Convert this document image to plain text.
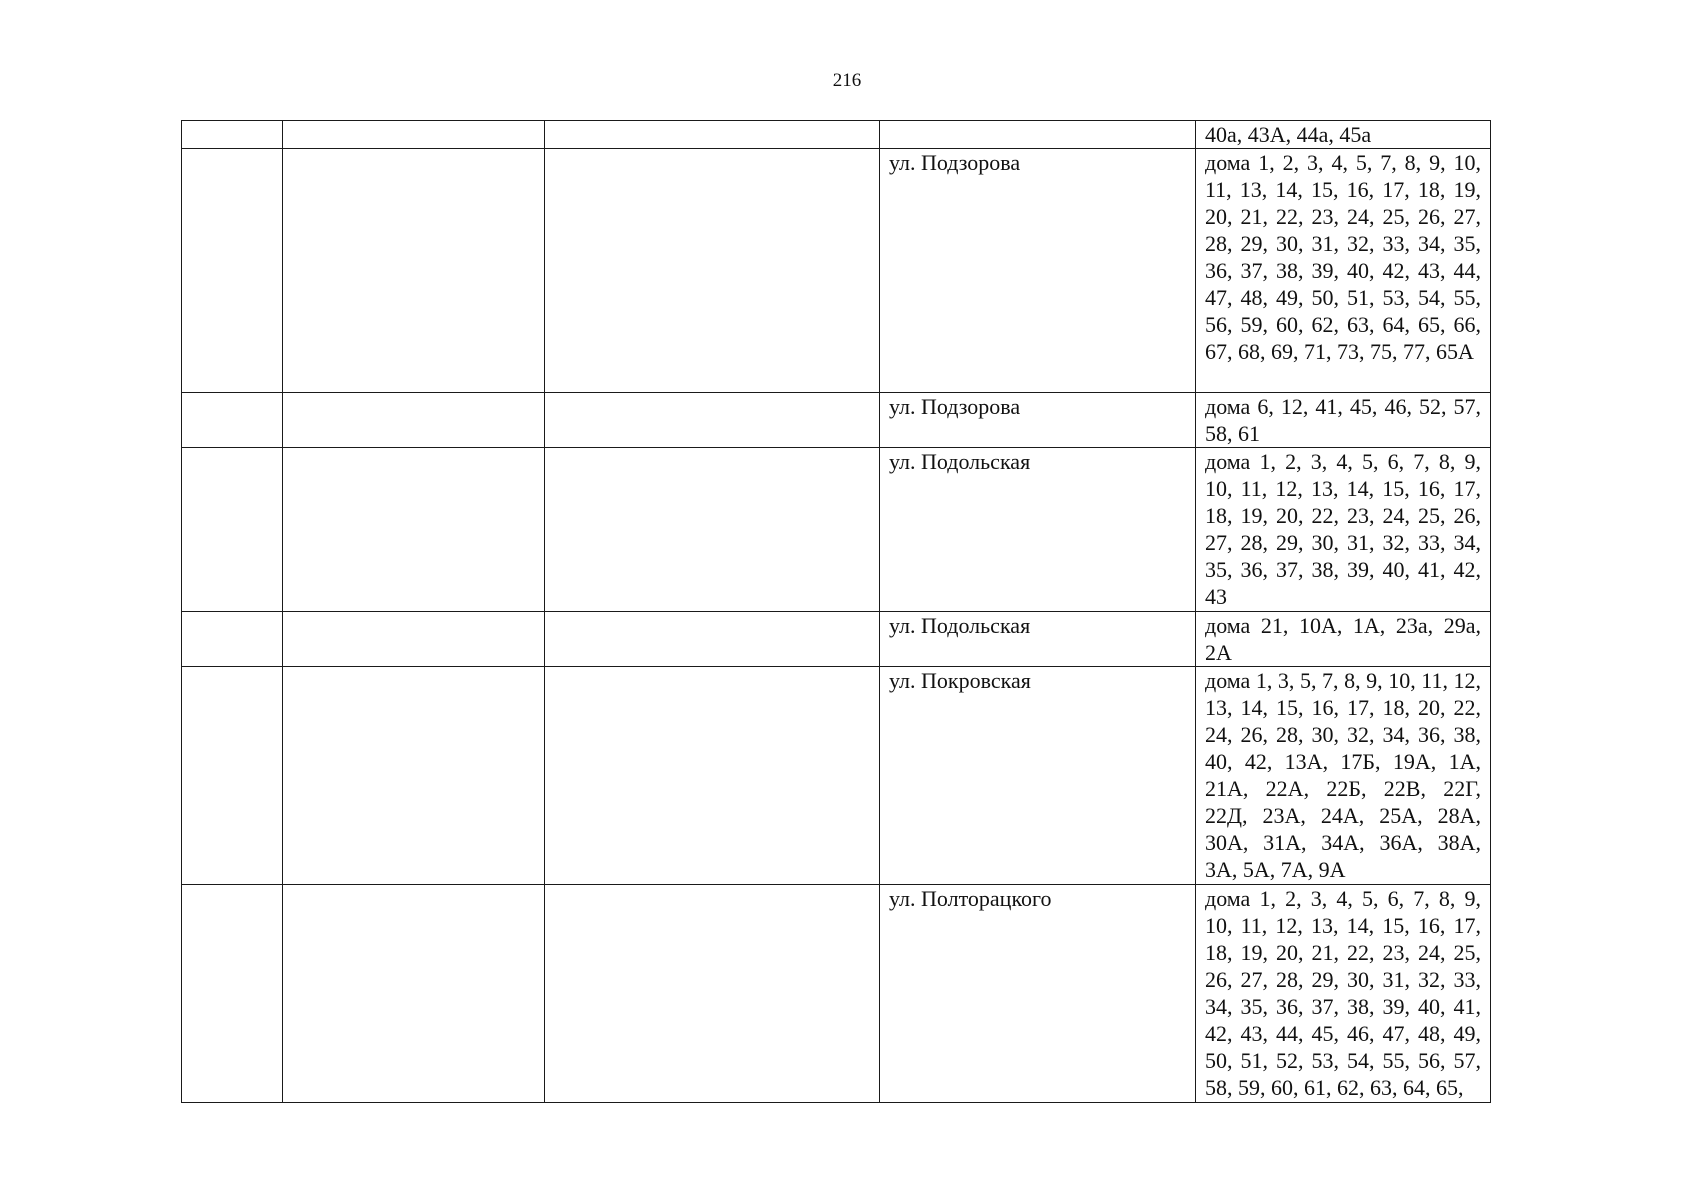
216
				40а, 43А, 44а, 45а
			ул. Подзорова	дома 1, 2, 3, 4, 5, 7, 8, 9, 10, 11, 13, 14, 15, 16, 17, 18, 19, 20, 21, 22, 23, 24, 25, 26, 27, 28, 29, 30, 31, 32, 33, 34, 35, 36, 37, 38, 39, 40, 42, 43, 44, 47, 48, 49, 50, 51, 53, 54, 55, 56, 59, 60, 62, 63, 64, 65, 66, 67, 68, 69, 71, 73, 75, 77, 65А
			ул. Подзорова	дома 6, 12, 41, 45, 46, 52, 57, 58, 61
			ул. Подольская	дома 1, 2, 3, 4, 5, 6, 7, 8, 9, 10, 11, 12, 13, 14, 15, 16, 17, 18, 19, 20, 22, 23, 24, 25, 26, 27, 28, 29, 30, 31, 32, 33, 34, 35, 36, 37, 38, 39, 40, 41, 42, 43
			ул. Подольская	дома 21, 10А, 1А, 23а, 29а, 2А
			ул. Покровская	дома 1, 3, 5, 7, 8, 9, 10, 11, 12, 13, 14, 15, 16, 17, 18, 20, 22, 24, 26, 28, 30, 32, 34, 36, 38, 40, 42, 13А, 17Б, 19А, 1А, 21А, 22А, 22Б, 22В, 22Г, 22Д, 23А, 24А, 25А, 28А, 30А, 31А, 34А, 36А, 38А, 3А, 5А, 7А, 9А
			ул. Полторацкого	дома 1, 2, 3, 4, 5, 6, 7, 8, 9, 10, 11, 12, 13, 14, 15, 16, 17, 18, 19, 20, 21, 22, 23, 24, 25, 26, 27, 28, 29, 30, 31, 32, 33, 34, 35, 36, 37, 38, 39, 40, 41, 42, 43, 44, 45, 46, 47, 48, 49, 50, 51, 52, 53, 54, 55, 56, 57, 58, 59, 60, 61, 62, 63, 64, 65,
